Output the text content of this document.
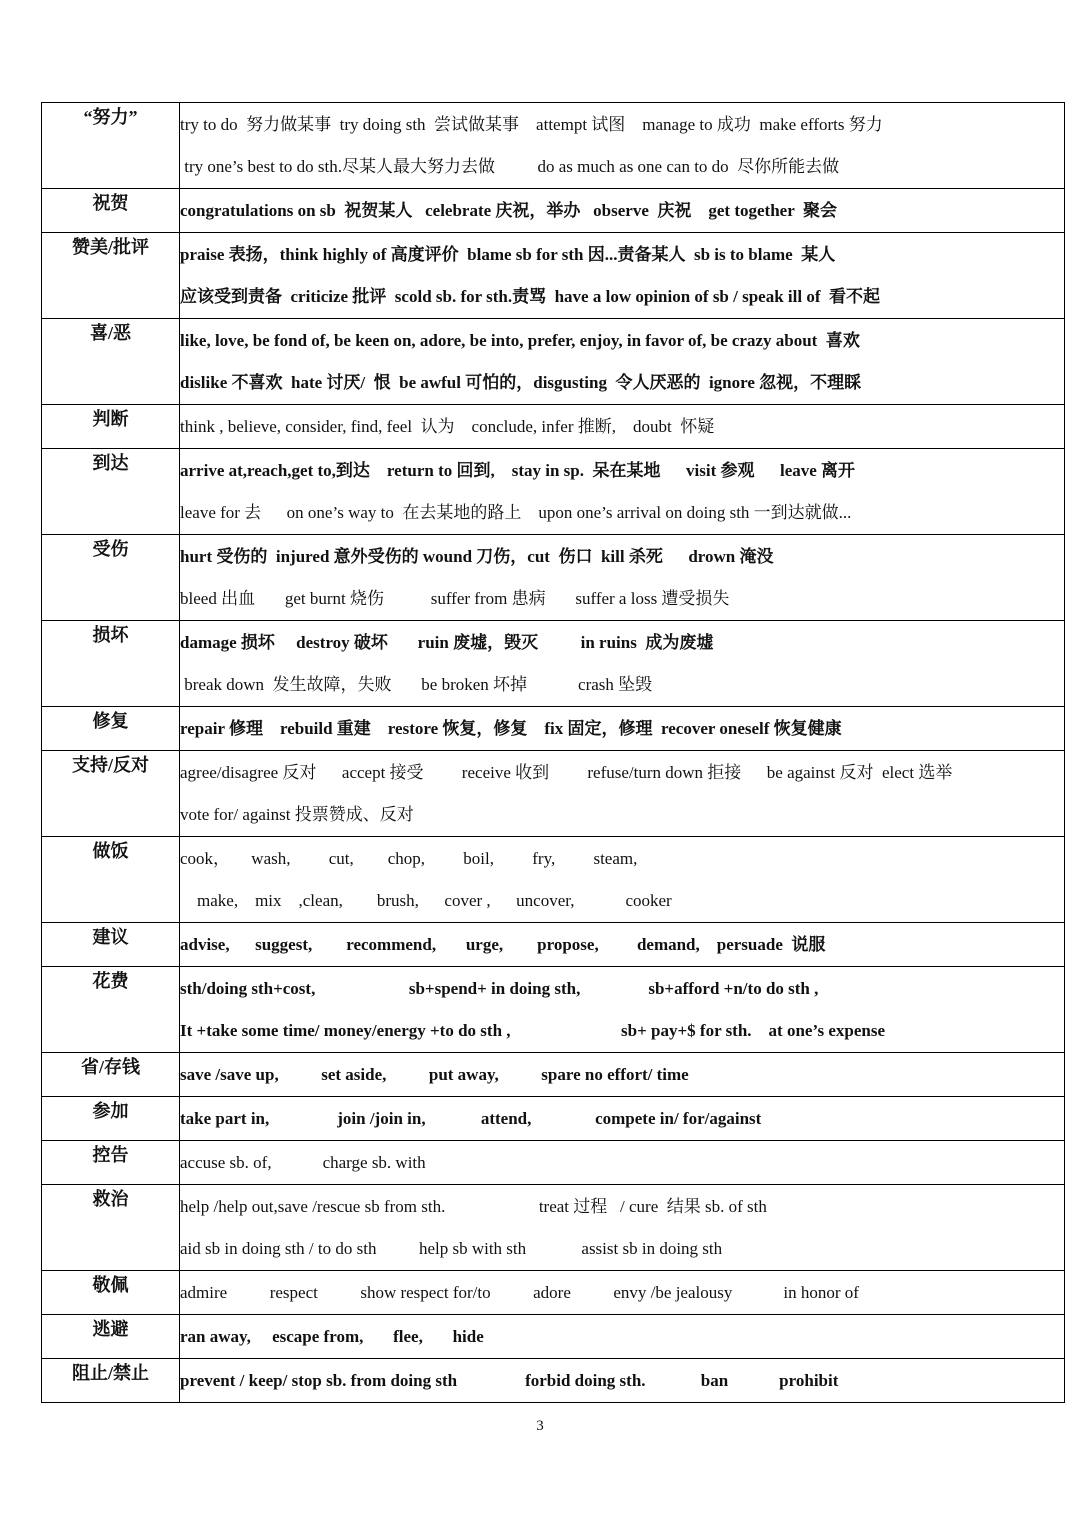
“努力”	try to do  努力做某事  try doing sth  尝试做某事    attempt 试图    manage to 成功  make efforts 努力
try one’s best to do sth.尽某人最大努力去做          do as much as one can to do  尽你所能去做

祝贺	congratulations on sb  祝贺某人   celebrate 庆祝，举办   observe  庆祝    get together  聚会

赞美/批评	praise 表扬，think highly of 高度评价  blame sb for sth 因...责备某人  sb is to blame  某人
应该受到责备  criticize 批评  scold sb. for sth.责骂  have a low opinion of sb / speak ill of  看不起

喜/恶	like, love, be fond of, be keen on, adore, be into, prefer, enjoy, in favor of, be crazy about  喜欢
dislike 不喜欢  hate 讨厌/  恨  be awful 可怕的，disgusting  令人厌恶的  ignore 忽视，不理睬

判断	think , believe, consider, find, feel  认为    conclude, infer 推断,    doubt  怀疑

到达	arrive at,reach,get to,到达    return to 回到,    stay in sp.  呆在某地      visit 参观      leave 离开
leave for 去      on one’s way to  在去某地的路上    upon one’s arrival on doing sth 一到达就做...

受伤	hurt 受伤的  injured 意外受伤的 wound 刀伤，cut  伤口  kill 杀死      drown 淹没
bleed 出血       get burnt 烧伤           suffer from 患病       suffer a loss 遭受损失

损坏	damage 损坏     destroy 破坏       ruin 废墟，毁灭          in ruins  成为废墟
break down  发生故障，失败       be broken 坏掉            crash 坠毁

修复	repair 修理    rebuild 重建    restore 恢复，修复    fix 固定，修理  recover oneself 恢复健康

支持/反对	agree/disagree 反对      accept 接受         receive 收到         refuse/turn down 拒接      be against 反对  elect 选举
vote for/ against 投票赞成、反对

做饭	cook，     wash,         cut,        chop,         boil,         fry,         steam,
make,    mix    ,clean,        brush,      cover ,      uncover,            cooker

建议	advise,      suggest,        recommend,       urge,        propose,         demand,    persuade  说服

花费	sth/doing sth+cost,                      sb+spend+ in doing sth,                sb+afford +n/to do sth ,
It +take some time/ money/energy +to do sth ,                          sb+ pay+$ for sth.    at one’s expense

省/存钱	save /save up,          set aside,          put away,          spare no effort/ time

参加	take part in,                join /join in,             attend,               compete in/ for/against

控告	accuse sb. of,            charge sb. with

救治	help /help out,save /rescue sb from sth.                      treat 过程   / cure  结果 sb. of sth
aid sb in doing sth / to do sth          help sb with sth             assist sb in doing sth

敬佩	admire          respect          show respect for/to          adore          envy /be jealousy            in honor of

逃避	ran away,     escape from,       flee,       hide

阻止/禁止	prevent / keep/ stop sb. from doing sth                forbid doing sth.             ban            prohibit
3
